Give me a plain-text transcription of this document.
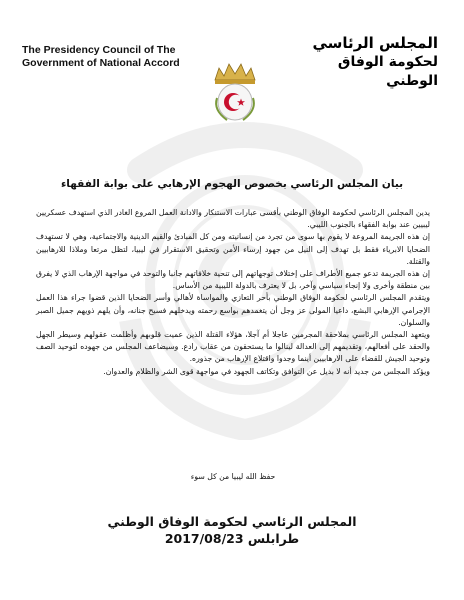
The Presidency Council of The
Government of National Accord
المجلس الرئاسي
لحكومة الوفاق الوطني
بيان المجلس الرئاسي بخصوص الهجوم الإرهابي على بوابة الفقهاء

يدين المجلس الرئاسي لحكومة الوفاق الوطني بأقسى عبارات الاستنكار والادانة العمل المروع الغادر الذي استهدف عسكريين ليبيين عند بوابة الفقهاء بالجنوب الليبي.

إن هذه الجريمة المروعة لا يقوم بها سوى من تجرد من إنسانيته ومن كل المبادئ والقيم الدينية والاجتماعية، وهي لا تستهدف الضحايا الابرياء فقط بل تهدف إلى النيل من جهود إرساء الأمن وتحقيق الاستقرار في ليبيا، لتظل مرتعا وملاذا للارهابيين والقتلة.

إن هذه الجريمة تدعو جميع الأطراف على إختلاف توجهاتهم إلى تنحية خلافاتهم جانبا والتوحد في مواجهة الإرهاب الذي لا يفرق بين منطقة وأخرى ولا إنجاء سياسي وآخر، بل لا يعترف بالدولة الليبية من الأساس.

ويتقدم المجلس الرئاسي لحكومة الوفاق الوطني بأحر التعازي والمواساة لأهالي وأسر الضحايا الذين قضوا جراء هذا العمل الإجرامي الإرهابي البشع، داعيا المولى عز وجل أن يتغمدهم بواسع رحمته ويدخلهم فسيح جنانه، وأن يلهم ذويهم جميل الصبر والسلوان.

ويتعهد المجلس الرئاسي بملاحقة المجرمين عاجلا أم آجلا، هؤلاء القتلة الذين عميت قلوبهم وأظلمت عقولهم وسيطر الجهل والحقد على أفعالهم، وتقديمهم إلى العدالة لينالوا ما يستحقون من عقاب رادع. وسيضاعف المجلس من جهوده لتوحيد الصف وتوحيد الجيش للقضاء على الارهابيين أينما وجدوا واقتلاع الإرهاب من جذوره.

ويؤكد المجلس من جديد أنه لا بديل عن التوافق وتكاتف الجهود في مواجهة قوى الشر والظلام والعدوان.

حفظ الله ليبيا من كل سوء
المجلس الرئاسي لحكومة الوفاق الوطني
طرابلس 2017/08/23
